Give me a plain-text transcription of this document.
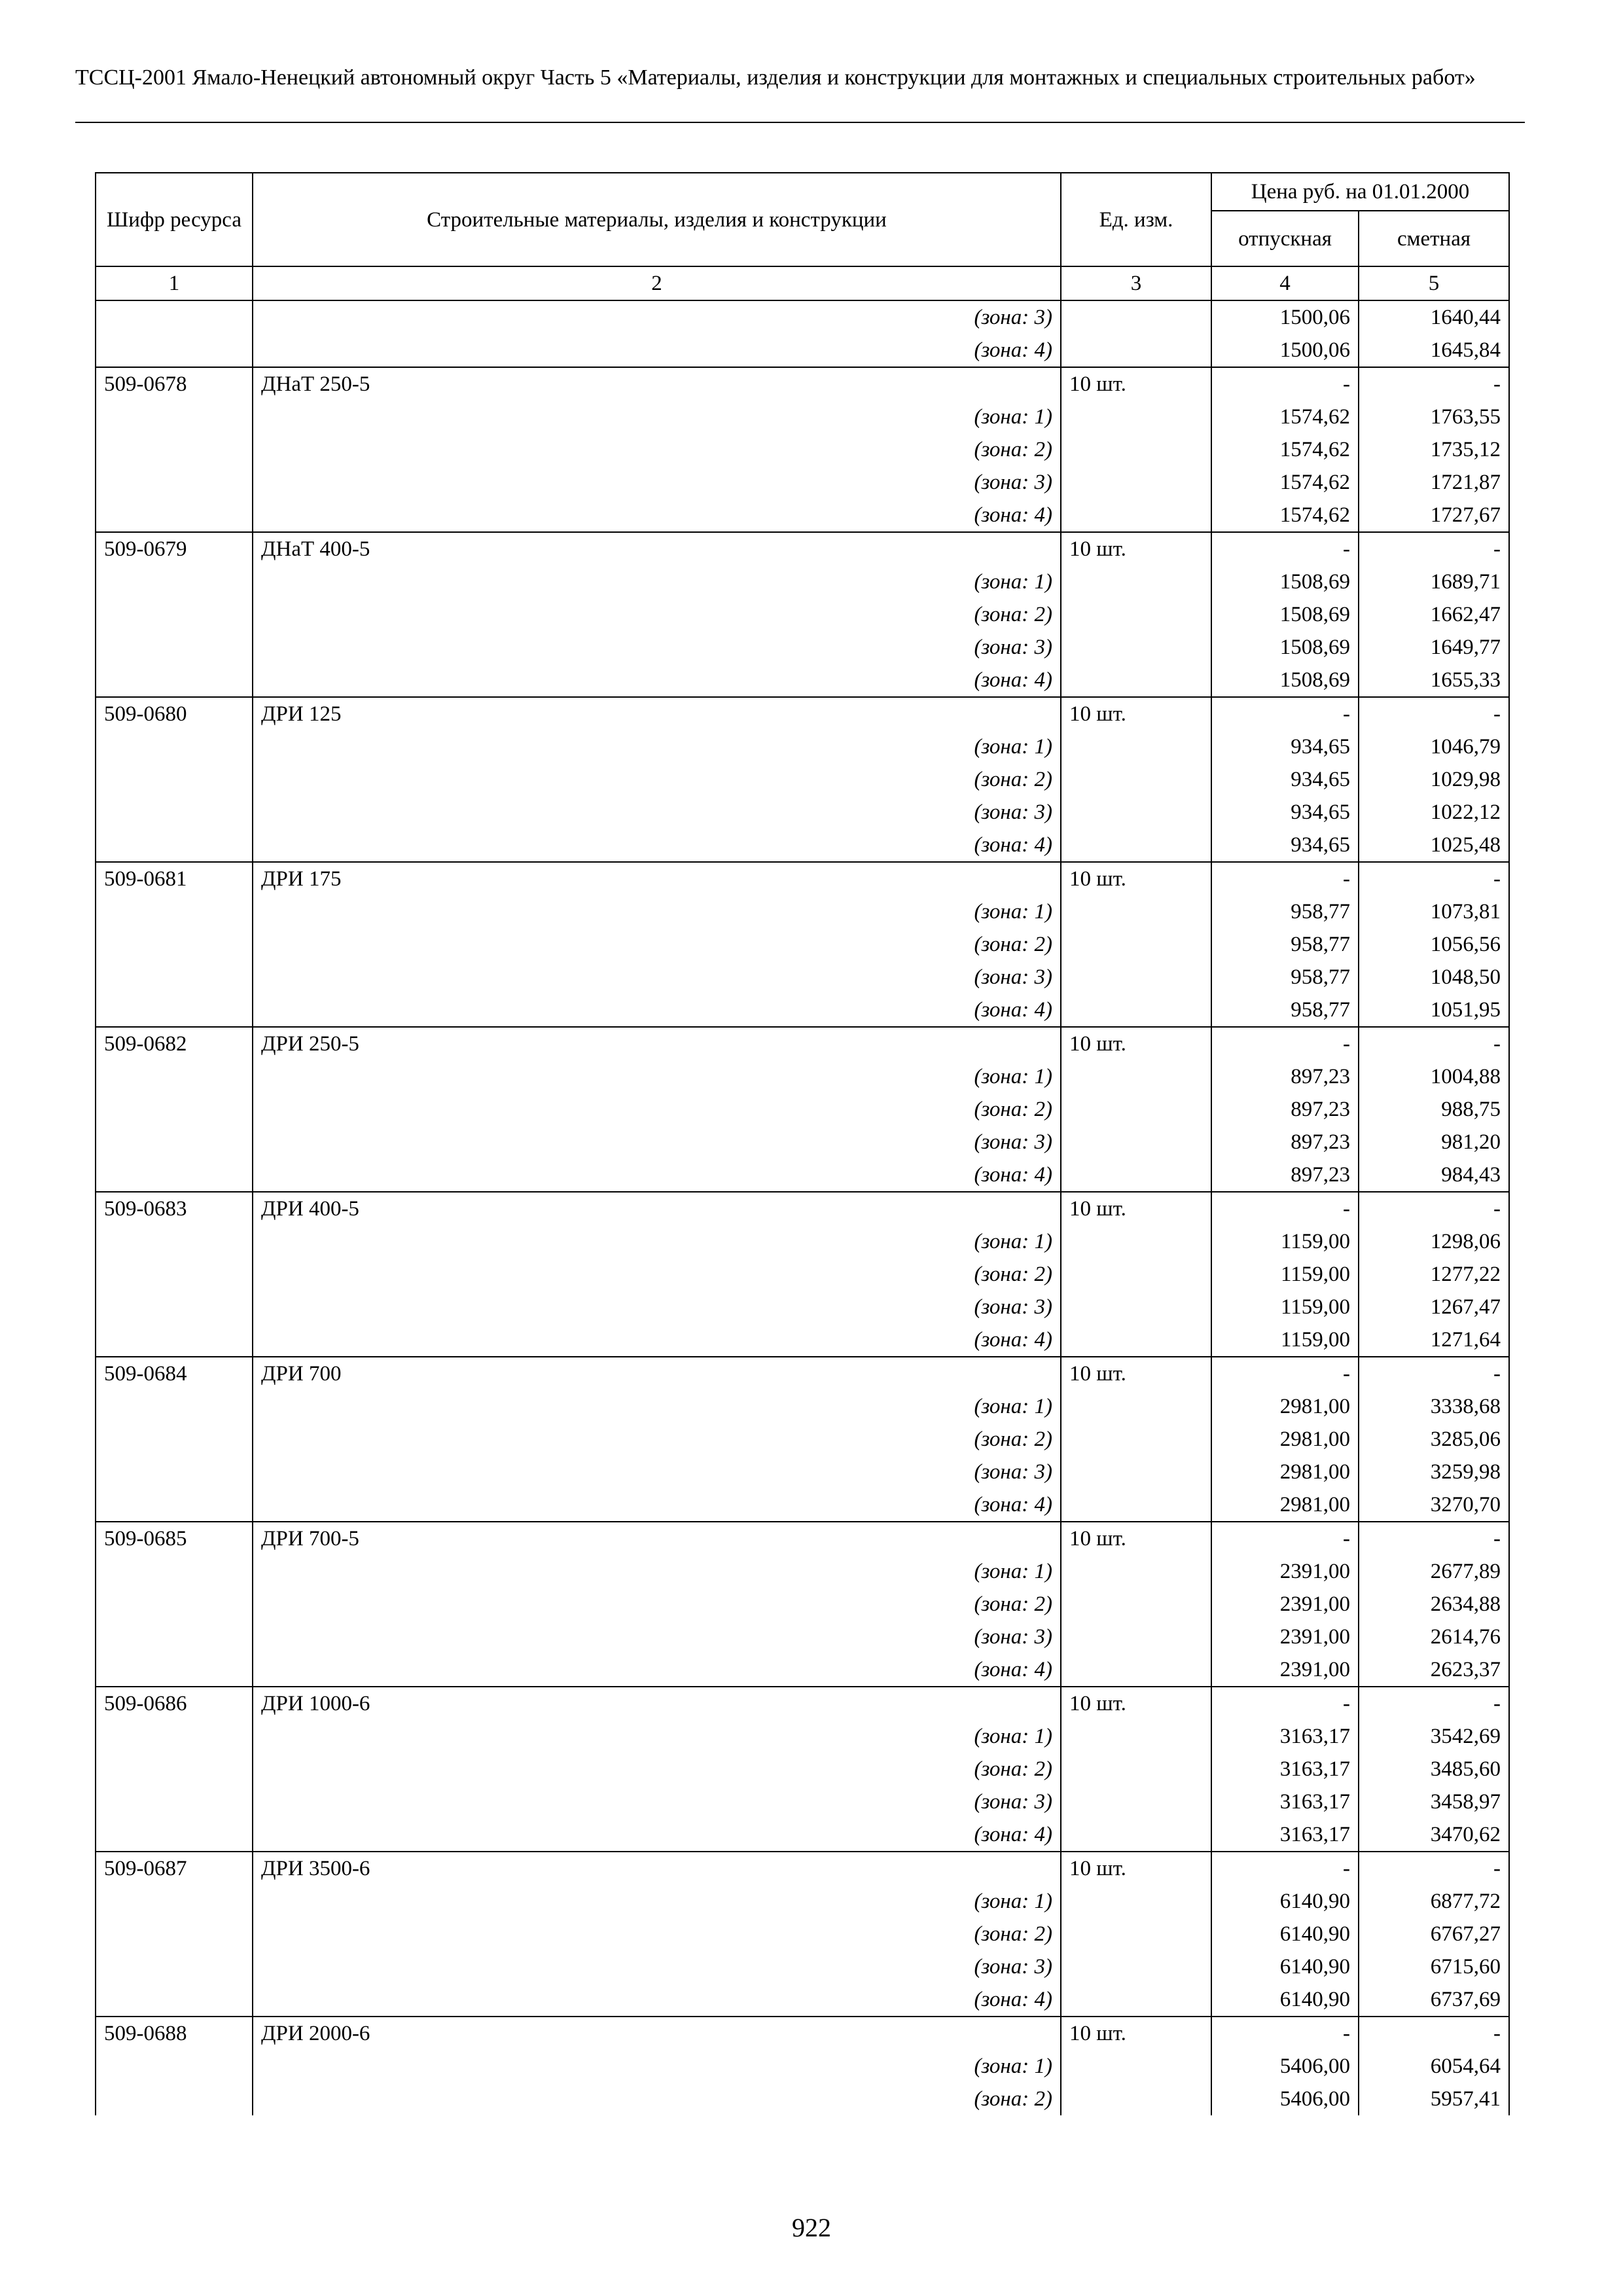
ТССЦ-2001 Ямало-Ненецкий автономный округ Часть 5 «Материалы, изделия и конструкции для монтажных и специальных строительных работ»
Шифр ресурса	Строительные материалы, изделия и конструкции	Ед. изм.	Цена руб. на 01.01.2000	
			отпускная	сметная
1	2	3	4	5
	(зона: 3)		1500,06	1640,44
	(зона: 4)		1500,06	1645,84
509-0678	ДНаТ 250-5	10 шт.	-	-
	(зона: 1)		1574,62	1763,55
	(зона: 2)		1574,62	1735,12
	(зона: 3)		1574,62	1721,87
	(зона: 4)		1574,62	1727,67
509-0679	ДНаТ 400-5	10 шт.	-	-
	(зона: 1)		1508,69	1689,71
	(зона: 2)		1508,69	1662,47
	(зона: 3)		1508,69	1649,77
	(зона: 4)		1508,69	1655,33
509-0680	ДРИ 125	10 шт.	-	-
	(зона: 1)		934,65	1046,79
	(зона: 2)		934,65	1029,98
	(зона: 3)		934,65	1022,12
	(зона: 4)		934,65	1025,48
509-0681	ДРИ 175	10 шт.	-	-
	(зона: 1)		958,77	1073,81
	(зона: 2)		958,77	1056,56
	(зона: 3)		958,77	1048,50
	(зона: 4)		958,77	1051,95
509-0682	ДРИ 250-5	10 шт.	-	-
	(зона: 1)		897,23	1004,88
	(зона: 2)		897,23	988,75
	(зона: 3)		897,23	981,20
	(зона: 4)		897,23	984,43
509-0683	ДРИ 400-5	10 шт.	-	-
	(зона: 1)		1159,00	1298,06
	(зона: 2)		1159,00	1277,22
	(зона: 3)		1159,00	1267,47
	(зона: 4)		1159,00	1271,64
509-0684	ДРИ 700	10 шт.	-	-
	(зона: 1)		2981,00	3338,68
	(зона: 2)		2981,00	3285,06
	(зона: 3)		2981,00	3259,98
	(зона: 4)		2981,00	3270,70
509-0685	ДРИ 700-5	10 шт.	-	-
	(зона: 1)		2391,00	2677,89
	(зона: 2)		2391,00	2634,88
	(зона: 3)		2391,00	2614,76
	(зона: 4)		2391,00	2623,37
509-0686	ДРИ 1000-6	10 шт.	-	-
	(зона: 1)		3163,17	3542,69
	(зона: 2)		3163,17	3485,60
	(зона: 3)		3163,17	3458,97
	(зона: 4)		3163,17	3470,62
509-0687	ДРИ 3500-6	10 шт.	-	-
	(зона: 1)		6140,90	6877,72
	(зона: 2)		6140,90	6767,27
	(зона: 3)		6140,90	6715,60
	(зона: 4)		6140,90	6737,69
509-0688	ДРИ 2000-6	10 шт.	-	-
	(зона: 1)		5406,00	6054,64
	(зона: 2)		5406,00	5957,41
922
